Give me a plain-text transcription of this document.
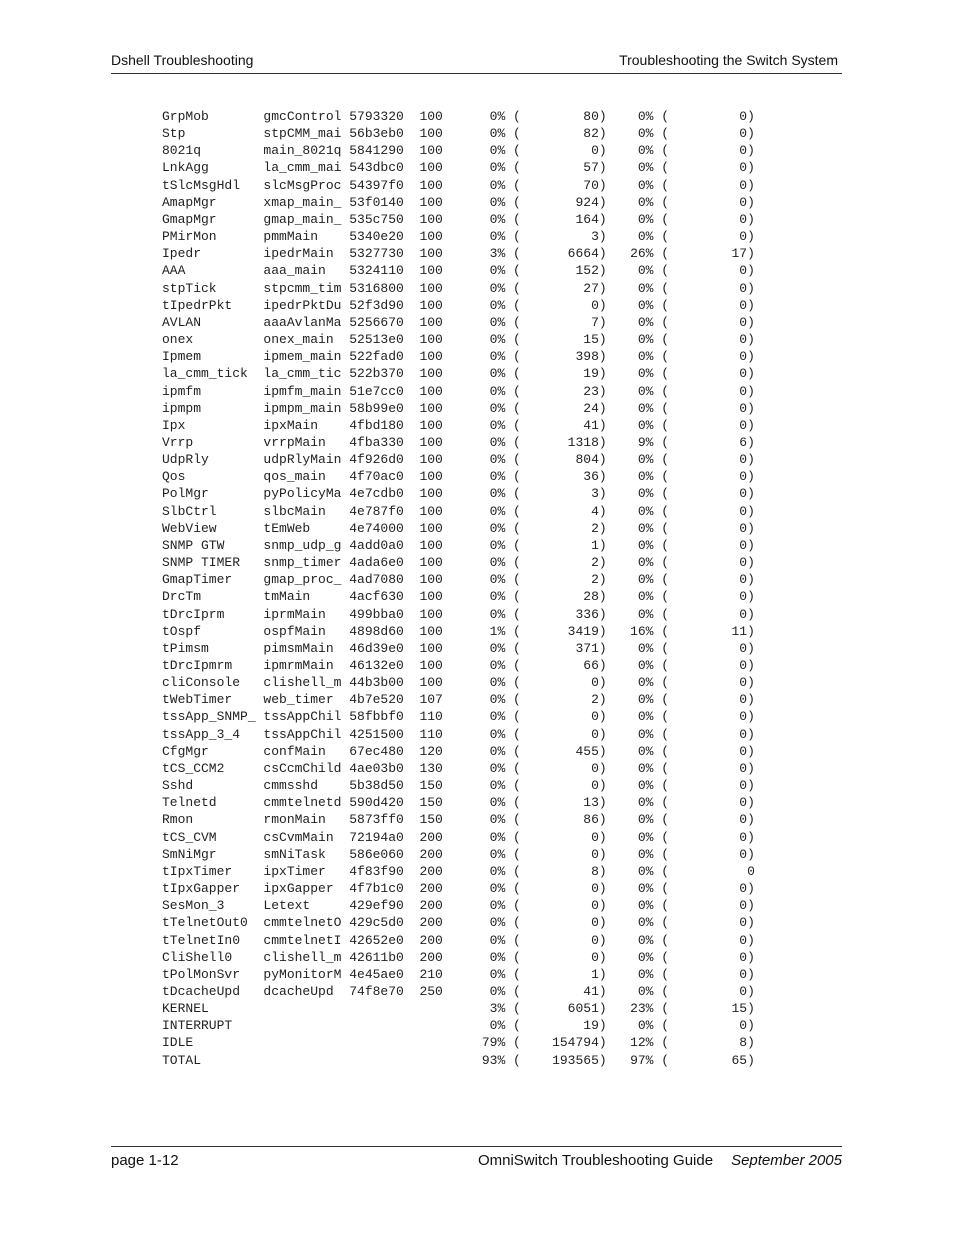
Dshell Troubleshooting	Troubleshooting the Switch System
GrpMob       gmcControl 5793320  100      0% (        80)    0% (         0)
Stp          stpCMM_mai 56b3eb0  100      0% (        82)    0% (         0)
8021q        main_8021q 5841290  100      0% (         0)    0% (         0)
LnkAgg       la_cmm_mai 543dbc0  100      0% (        57)    0% (         0)
tSlcMsgHdl   slcMsgProc 54397f0  100      0% (        70)    0% (         0)
AmapMgr      xmap_main_ 53f0140  100      0% (       924)    0% (         0)
GmapMgr      gmap_main_ 535c750  100      0% (       164)    0% (         0)
PMirMon      pmmMain    5340e20  100      0% (         3)    0% (         0)
Ipedr        ipedrMain  5327730  100      3% (      6664)   26% (        17)
AAA          aaa_main   5324110  100      0% (       152)    0% (         0)
stpTick      stpcmm_tim 5316800  100      0% (        27)    0% (         0)
tIpedrPkt    ipedrPktDu 52f3d90  100      0% (         0)    0% (         0)
AVLAN        aaaAvlanMa 5256670  100      0% (         7)    0% (         0)
onex         onex_main  52513e0  100      0% (        15)    0% (         0)
Ipmem        ipmem_main 522fad0  100      0% (       398)    0% (         0)
la_cmm_tick  la_cmm_tic 522b370  100      0% (        19)    0% (         0)
ipmfm        ipmfm_main 51e7cc0  100      0% (        23)    0% (         0)
ipmpm        ipmpm_main 58b99e0  100      0% (        24)    0% (         0)
Ipx          ipxMain    4fbd180  100      0% (        41)    0% (         0)
Vrrp         vrrpMain   4fba330  100      0% (      1318)    9% (         6)
UdpRly       udpRlyMain 4f926d0  100      0% (       804)    0% (         0)
Qos          qos_main   4f70ac0  100      0% (        36)    0% (         0)
PolMgr       pyPolicyMa 4e7cdb0  100      0% (         3)    0% (         0)
SlbCtrl      slbcMain   4e787f0  100      0% (         4)    0% (         0)
WebView      tEmWeb     4e74000  100      0% (         2)    0% (         0)
SNMP GTW     snmp_udp_g 4add0a0  100      0% (         1)    0% (         0)
SNMP TIMER   snmp_timer 4ada6e0  100      0% (         2)    0% (         0)
GmapTimer    gmap_proc_ 4ad7080  100      0% (         2)    0% (         0)
DrcTm        tmMain     4acf630  100      0% (        28)    0% (         0)
tDrcIprm     iprmMain   499bba0  100      0% (       336)    0% (         0)
tOspf        ospfMain   4898d60  100      1% (      3419)   16% (        11)
tPimsm       pimsmMain  46d39e0  100      0% (       371)    0% (         0)
tDrcIpmrm    ipmrmMain  46132e0  100      0% (        66)    0% (         0)
cliConsole   clishell_m 44b3b00  100      0% (         0)    0% (         0)
tWebTimer    web_timer  4b7e520  107      0% (         2)    0% (         0)
tssApp_SNMP_ tssAppChil 58fbbf0  110      0% (         0)    0% (         0)
tssApp_3_4   tssAppChil 4251500  110      0% (         0)    0% (         0)
CfgMgr       confMain   67ec480  120      0% (       455)    0% (         0)
tCS_CCM2     csCcmChild 4ae03b0  130      0% (         0)    0% (         0)
Sshd         cmmsshd    5b38d50  150      0% (         0)    0% (         0)
Telnetd      cmmtelnetd 590d420  150      0% (        13)    0% (         0)
Rmon         rmonMain   5873ff0  150      0% (        86)    0% (         0)
tCS_CVM      csCvmMain  72194a0  200      0% (         0)    0% (         0)
SmNiMgr      smNiTask   586e060  200      0% (         0)    0% (         0)
tIpxTimer    ipxTimer   4f83f90  200      0% (         8)    0% (          0
tIpxGapper   ipxGapper  4f7b1c0  200      0% (         0)    0% (         0)
SesMon_3     Letext     429ef90  200      0% (         0)    0% (         0)
tTelnetOut0  cmmtelnetO 429c5d0  200      0% (         0)    0% (         0)
tTelnetIn0   cmmtelnetI 42652e0  200      0% (         0)    0% (         0)
CliShell0    clishell_m 42611b0  200      0% (         0)    0% (         0)
tPolMonSvr   pyMonitorM 4e45ae0  210      0% (         1)    0% (         0)
tDcacheUpd   dcacheUpd  74f8e70  250      0% (        41)    0% (         0)
KERNEL                                    3% (      6051)   23% (        15)
INTERRUPT                                 0% (        19)    0% (         0)
IDLE                                     79% (    154794)   12% (         8)
TOTAL                                    93% (    193565)   97% (        65)
page 1-12	OmniSwitch Troubleshooting Guide September 2005
